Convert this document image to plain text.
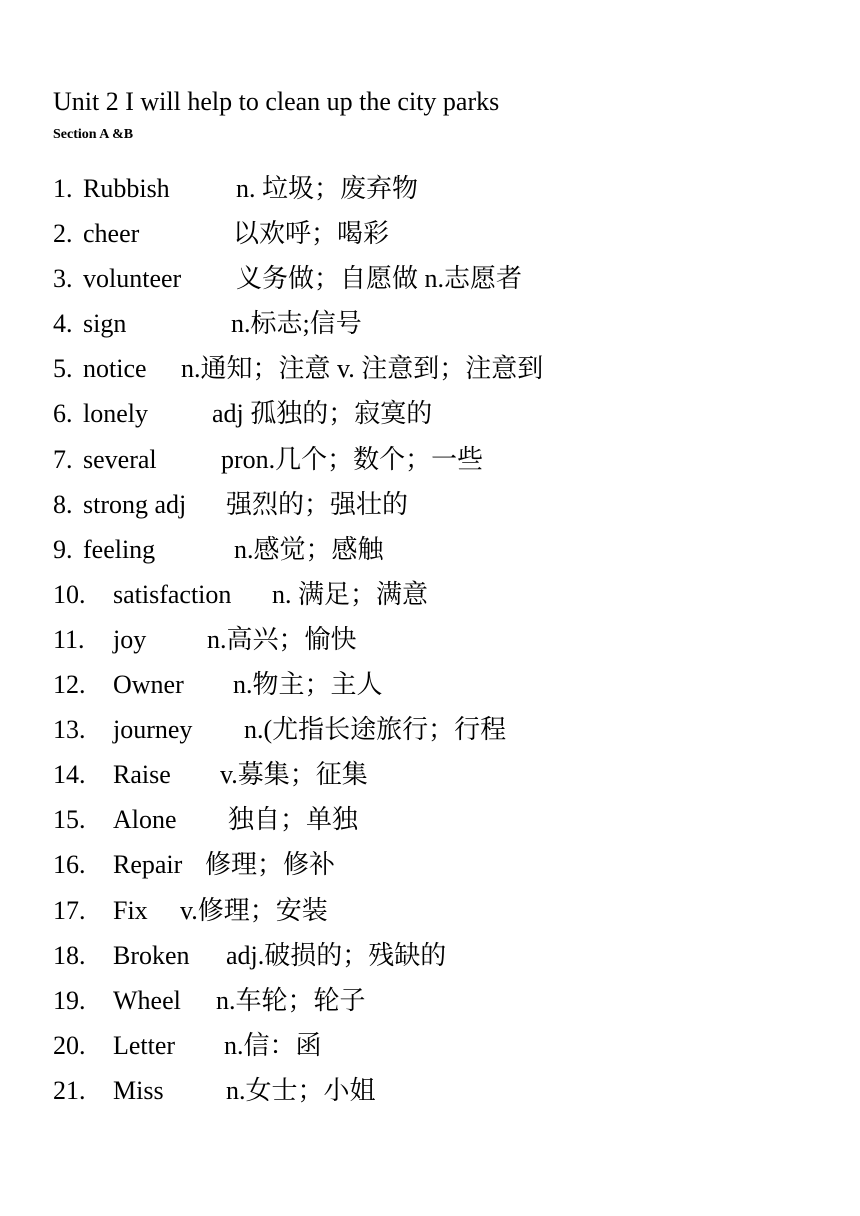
Unit 2 I will help to clean up the city parks
Section A &B
1. Rubbish	n. 垃圾；废弃物
2. cheer	以欢呼；喝彩
3. volunteer 义务做；自愿做 n.志愿者
4. sign	n.标志;信号
5. notice n.通知；注意 v. 注意到；注意到
6. lonely adj 孤独的；寂寞的
7. several pron.几个；数个；一些
8. strong adj 强烈的；强壮的
9. feeling	n.感觉；感触
10. satisfaction n. 满足；满意
11. joy n.高兴；愉快
12. Owner n.物主；主人
13. journey n.(尤指长途旅行；行程
14. Raise v.募集；征集
15. Alone 独自；单独
16. Repair 修理；修补
17. Fix v.修理；安装
18. Broken adj.破损的；残缺的
19. Wheel n.车轮；轮子
20. Letter n.信：函
21. Miss n.女士；小姐
